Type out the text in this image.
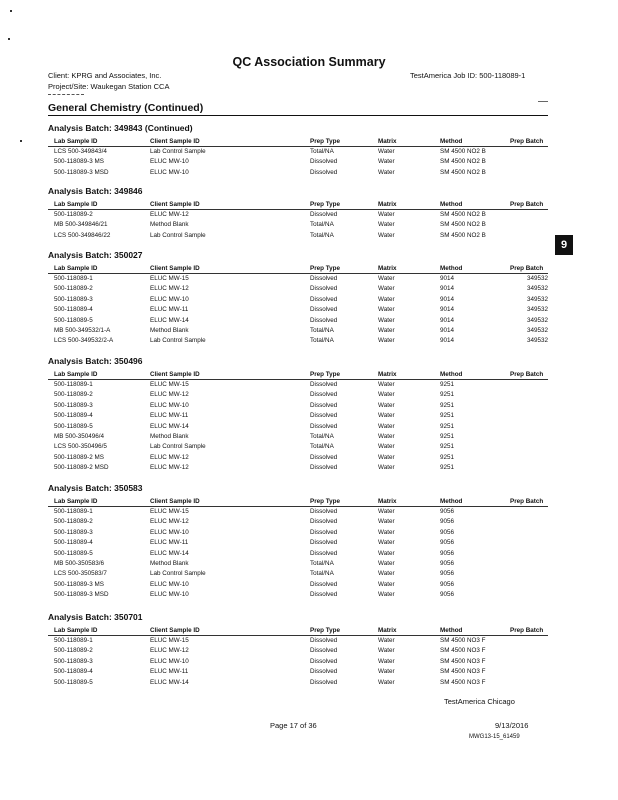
QC Association Summary
Client: KPRG and Associates, Inc.
Project/Site: Waukegan Station CCA
TestAmerica Job ID: 500-118089-1
General Chemistry (Continued)
9
Analysis Batch: 349843 (Continued)
Lab Sample ID	Client Sample ID	Prep Type	Matrix	Method	Prep Batch
LCS 500-349843/4	Lab Control Sample	Total/NA	Water	SM 4500 NO2 B
500-118089-3 MS	ELUC MW-10	Dissolved	Water	SM 4500 NO2 B
500-118089-3 MSD	ELUC MW-10	Dissolved	Water	SM 4500 NO2 B
Analysis Batch: 349846
Lab Sample ID	Client Sample ID	Prep Type	Matrix	Method	Prep Batch
500-118089-2	ELUC MW-12	Dissolved	Water	SM 4500 NO2 B
MB 500-349846/21	Method Blank	Total/NA	Water	SM 4500 NO2 B
LCS 500-349846/22	Lab Control Sample	Total/NA	Water	SM 4500 NO2 B
Analysis Batch: 350027
Lab Sample ID	Client Sample ID	Prep Type	Matrix	Method	Prep Batch
500-118089-1	ELUC MW-15	Dissolved	Water	9014	349532
500-118089-2	ELUC MW-12	Dissolved	Water	9014	349532
500-118089-3	ELUC MW-10	Dissolved	Water	9014	349532
500-118089-4	ELUC MW-11	Dissolved	Water	9014	349532
500-118089-5	ELUC MW-14	Dissolved	Water	9014	349532
MB 500-349532/1-A	Method Blank	Total/NA	Water	9014	349532
LCS 500-349532/2-A	Lab Control Sample	Total/NA	Water	9014	349532
Analysis Batch: 350496
Lab Sample ID	Client Sample ID	Prep Type	Matrix	Method	Prep Batch
500-118089-1	ELUC MW-15	Dissolved	Water	9251
500-118089-2	ELUC MW-12	Dissolved	Water	9251
500-118089-3	ELUC MW-10	Dissolved	Water	9251
500-118089-4	ELUC MW-11	Dissolved	Water	9251
500-118089-5	ELUC MW-14	Dissolved	Water	9251
MB 500-350496/4	Method Blank	Total/NA	Water	9251
LCS 500-350496/5	Lab Control Sample	Total/NA	Water	9251
500-118089-2 MS	ELUC MW-12	Dissolved	Water	9251
500-118089-2 MSD	ELUC MW-12	Dissolved	Water	9251
Analysis Batch: 350583
Lab Sample ID	Client Sample ID	Prep Type	Matrix	Method	Prep Batch
500-118089-1	ELUC MW-15	Dissolved	Water	9056
500-118089-2	ELUC MW-12	Dissolved	Water	9056
500-118089-3	ELUC MW-10	Dissolved	Water	9056
500-118089-4	ELUC MW-11	Dissolved	Water	9056
500-118089-5	ELUC MW-14	Dissolved	Water	9056
MB 500-350583/6	Method Blank	Total/NA	Water	9056
LCS 500-350583/7	Lab Control Sample	Total/NA	Water	9056
500-118089-3 MS	ELUC MW-10	Dissolved	Water	9056
500-118089-3 MSD	ELUC MW-10	Dissolved	Water	9056
Analysis Batch: 350701
Lab Sample ID	Client Sample ID	Prep Type	Matrix	Method	Prep Batch
500-118089-1	ELUC MW-15	Dissolved	Water	SM 4500 NO3 F
500-118089-2	ELUC MW-12	Dissolved	Water	SM 4500 NO3 F
500-118089-3	ELUC MW-10	Dissolved	Water	SM 4500 NO3 F
500-118089-4	ELUC MW-11	Dissolved	Water	SM 4500 NO3 F
500-118089-5	ELUC MW-14	Dissolved	Water	SM 4500 NO3 F
TestAmerica Chicago
Page 17 of 36	9/13/2016
MWG13-15_61459
